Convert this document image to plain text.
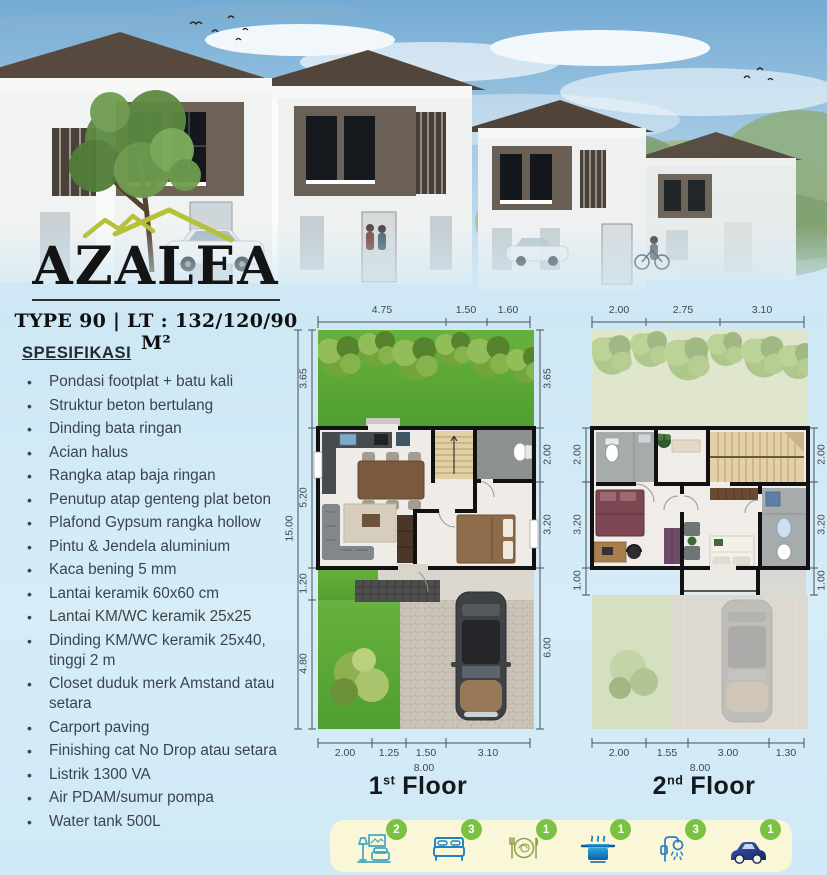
AZALEA
TYPE 90 | LT : 132/120/90 M²
SPESIFIKASI
• Pondasi footplat + batu kali
• Struktur beton bertulang
• Dinding bata ringan
• Acian halus
• Rangka atap baja ringan
• Penutup atap genteng plat beton
• Plafond Gypsum rangka hollow
• Pintu & Jendela aluminium
• Kaca bening 5 mm
• Lantai keramik 60x60 cm
• Lantai KM/WC keramik 25x25
• Dinding KM/WC keramik 25x40, tinggi 2 m
• Closet duduk merk Amstand atau setara
• Carport paving
• Finishing cat No Drop atau setara
• Listrik 1300 VA
• Air PDAM/sumur pompa
• Water tank 500L
4.75	1.50	1.60
15.00
3.65
5.20
1.20
4.80
3.65
2.00
3.20
6.00
2.00	1.25	1.50	3.10
8.00
2.00	2.75	3.10
2.00
3.20
1.00
2.00
3.20
1.00
2.00	1.55	3.00	1.30
8.00
1st Floor	2nd Floor
2	3	1	1	3	1
